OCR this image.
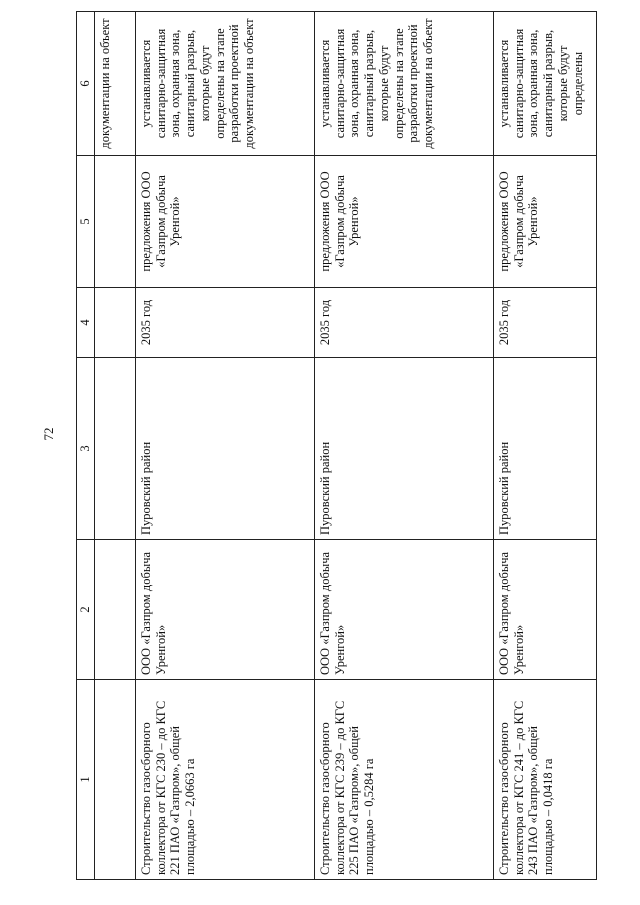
72
1	2	3	4	5	6
					документации на объект
Строительство газосборного коллектора от КГС 230 – до КГС 221 ПАО «Газпром», общей площадью – 2,0663 га	ООО «Газпром добыча Уренгой»	Пуровский район	2035 год	предложения ООО «Газпром добыча Уренгой»	устанавливается санитарно-защитная зона, охранная зона, санитарный разрыв, которые будут определены на этапе разработки проектной документации на объект
Строительство газосборного коллектора от КГС 239 – до КГС 225 ПАО «Газпром», общей площадью – 0,5284 га	ООО «Газпром добыча Уренгой»	Пуровский район	2035 год	предложения ООО «Газпром добыча Уренгой»	устанавливается санитарно-защитная зона, охранная зона, санитарный разрыв, которые будут определены на этапе разработки проектной документации на объект
Строительство газосборного коллектора от КГС 241 – до КГС 243 ПАО «Газпром», общей площадью – 0,0418 га	ООО «Газпром добыча Уренгой»	Пуровский район	2035 год	предложения ООО «Газпром добыча Уренгой»	устанавливается санитарно-защитная зона, охранная зона, санитарный разрыв, которые будут определены
